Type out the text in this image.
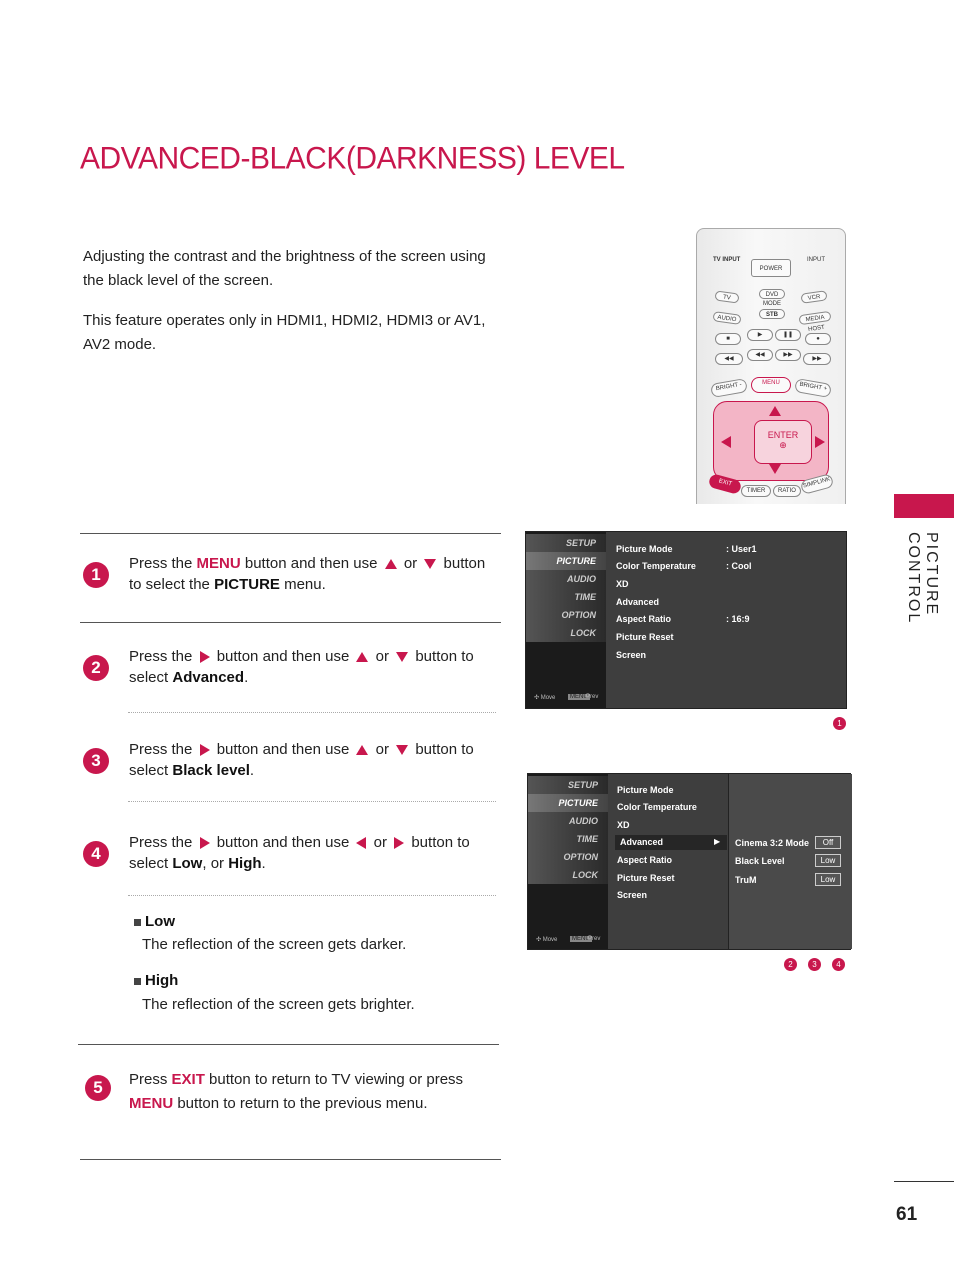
ADVANCED-BLACK(DARKNESS) LEVEL
Adjusting the contrast and the brightness of the screen using the black level of the screen.
This feature operates only in HDMI1, HDMI2, HDMI3 or AV1, AV2 mode.
TV INPUT	INPUT
POWER
TV	DVD	VCR
MODE
STB
AUDIO	MEDIA HOST
■
▶	❚❚
●
◀◀
◀◀	▶▶
▶▶
BRIGHT -	MENU	BRIGHT +
ENTER
⊕
EXIT
TIMER	RATIO
SIMPLINK
1
Press the MENU button and then use  or  button to select the PICTURE menu.
2
Press the  button and then use  or  button to select Advanced.
3
Press the  button and then use  or  button to select Black level.
4
Press the  button and then use  or  button to select Low, or High.
Low
The reflection of the screen gets darker.
High
The reflection of the screen gets brighter.
5	Press EXIT button to return to TV viewing or press MENU button to return to the previous menu.
SETUP
PICTURE
AUDIO
TIME
OPTION
LOCK
✣ Move	MENU
Prev
Picture Mode	: User1
Color Temperature	: Cool
XD
Advanced
Aspect Ratio	: 16:9
Picture Reset
Screen
1
SETUP
PICTURE
AUDIO
TIME
OPTION
LOCK
✣ Move	MENU
Prev
Picture Mode
Color Temperature
XD
Advanced	▶
Aspect Ratio
Picture Reset
Screen
Cinema 3:2 Mode	Off
Black Level	Low
TruM	Low
2	3	4
PICTURE CONTROL
61
